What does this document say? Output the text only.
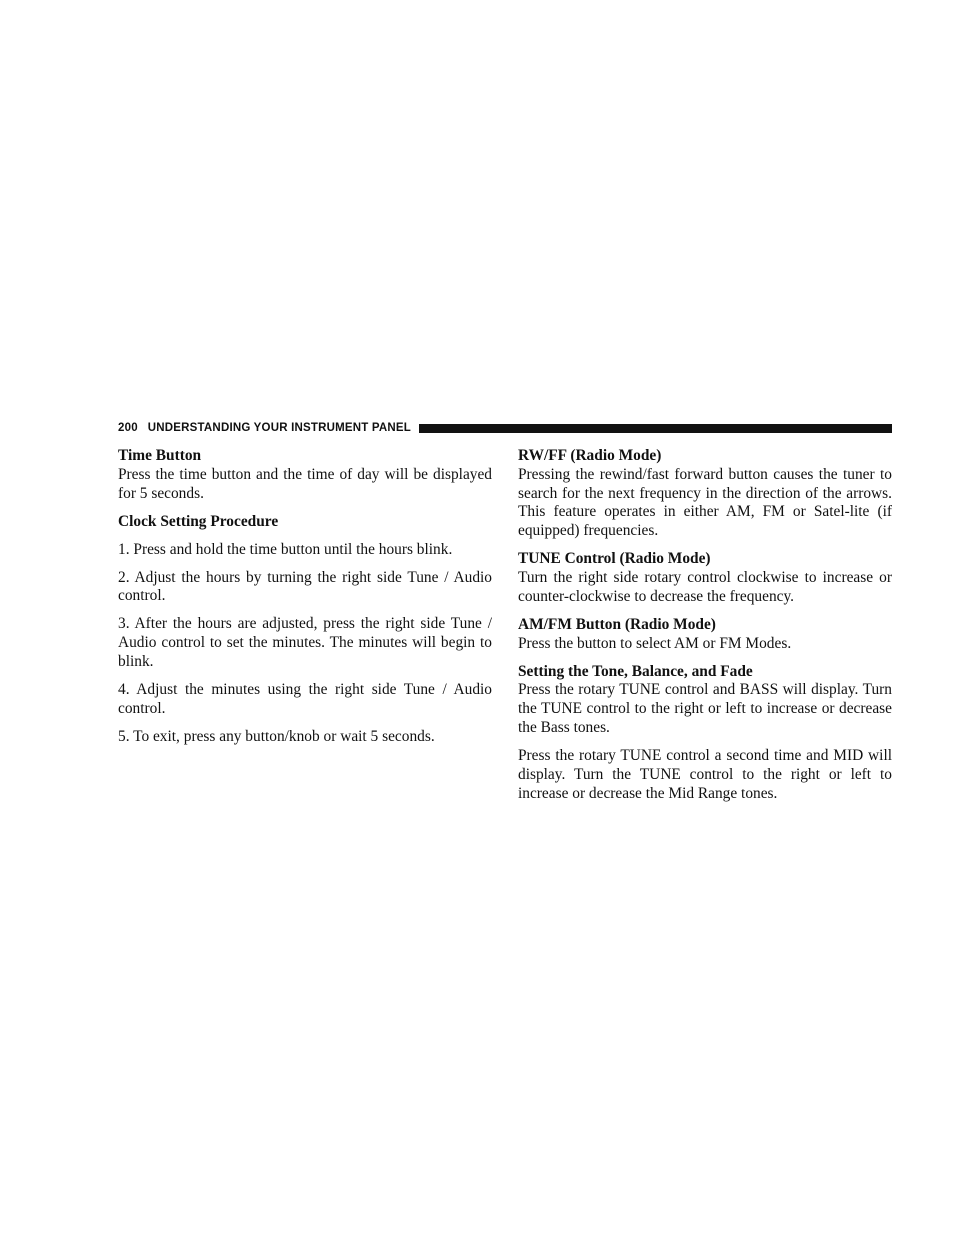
200 UNDERSTANDING YOUR INSTRUMENT PANEL
Time Button

Press the time button and the time of day will be displayed for 5 seconds.

Clock Setting Procedure

1. Press and hold the time button until the hours blink.

2. Adjust the hours by turning the right side Tune / Audio control.

3. After the hours are adjusted, press the right side Tune / Audio control to set the minutes. The minutes will begin to blink.

4. Adjust the minutes using the right side Tune / Audio control.

5. To exit, press any button/knob or wait 5 seconds.

RW/FF (Radio Mode)

Pressing the rewind/fast forward button causes the tuner to search for the next frequency in the direction of the arrows. This feature operates in either AM, FM or Satel-lite (if equipped) frequencies.

TUNE Control (Radio Mode)

Turn the right side rotary control clockwise to increase or counter-clockwise to decrease the frequency.

AM/FM Button (Radio Mode)

Press the button to select AM or FM Modes.

Setting the Tone, Balance, and Fade

Press the rotary TUNE control and BASS will display. Turn the TUNE control to the right or left to increase or decrease the Bass tones.

Press the rotary TUNE control a second time and MID will display. Turn the TUNE control to the right or left to increase or decrease the Mid Range tones.
